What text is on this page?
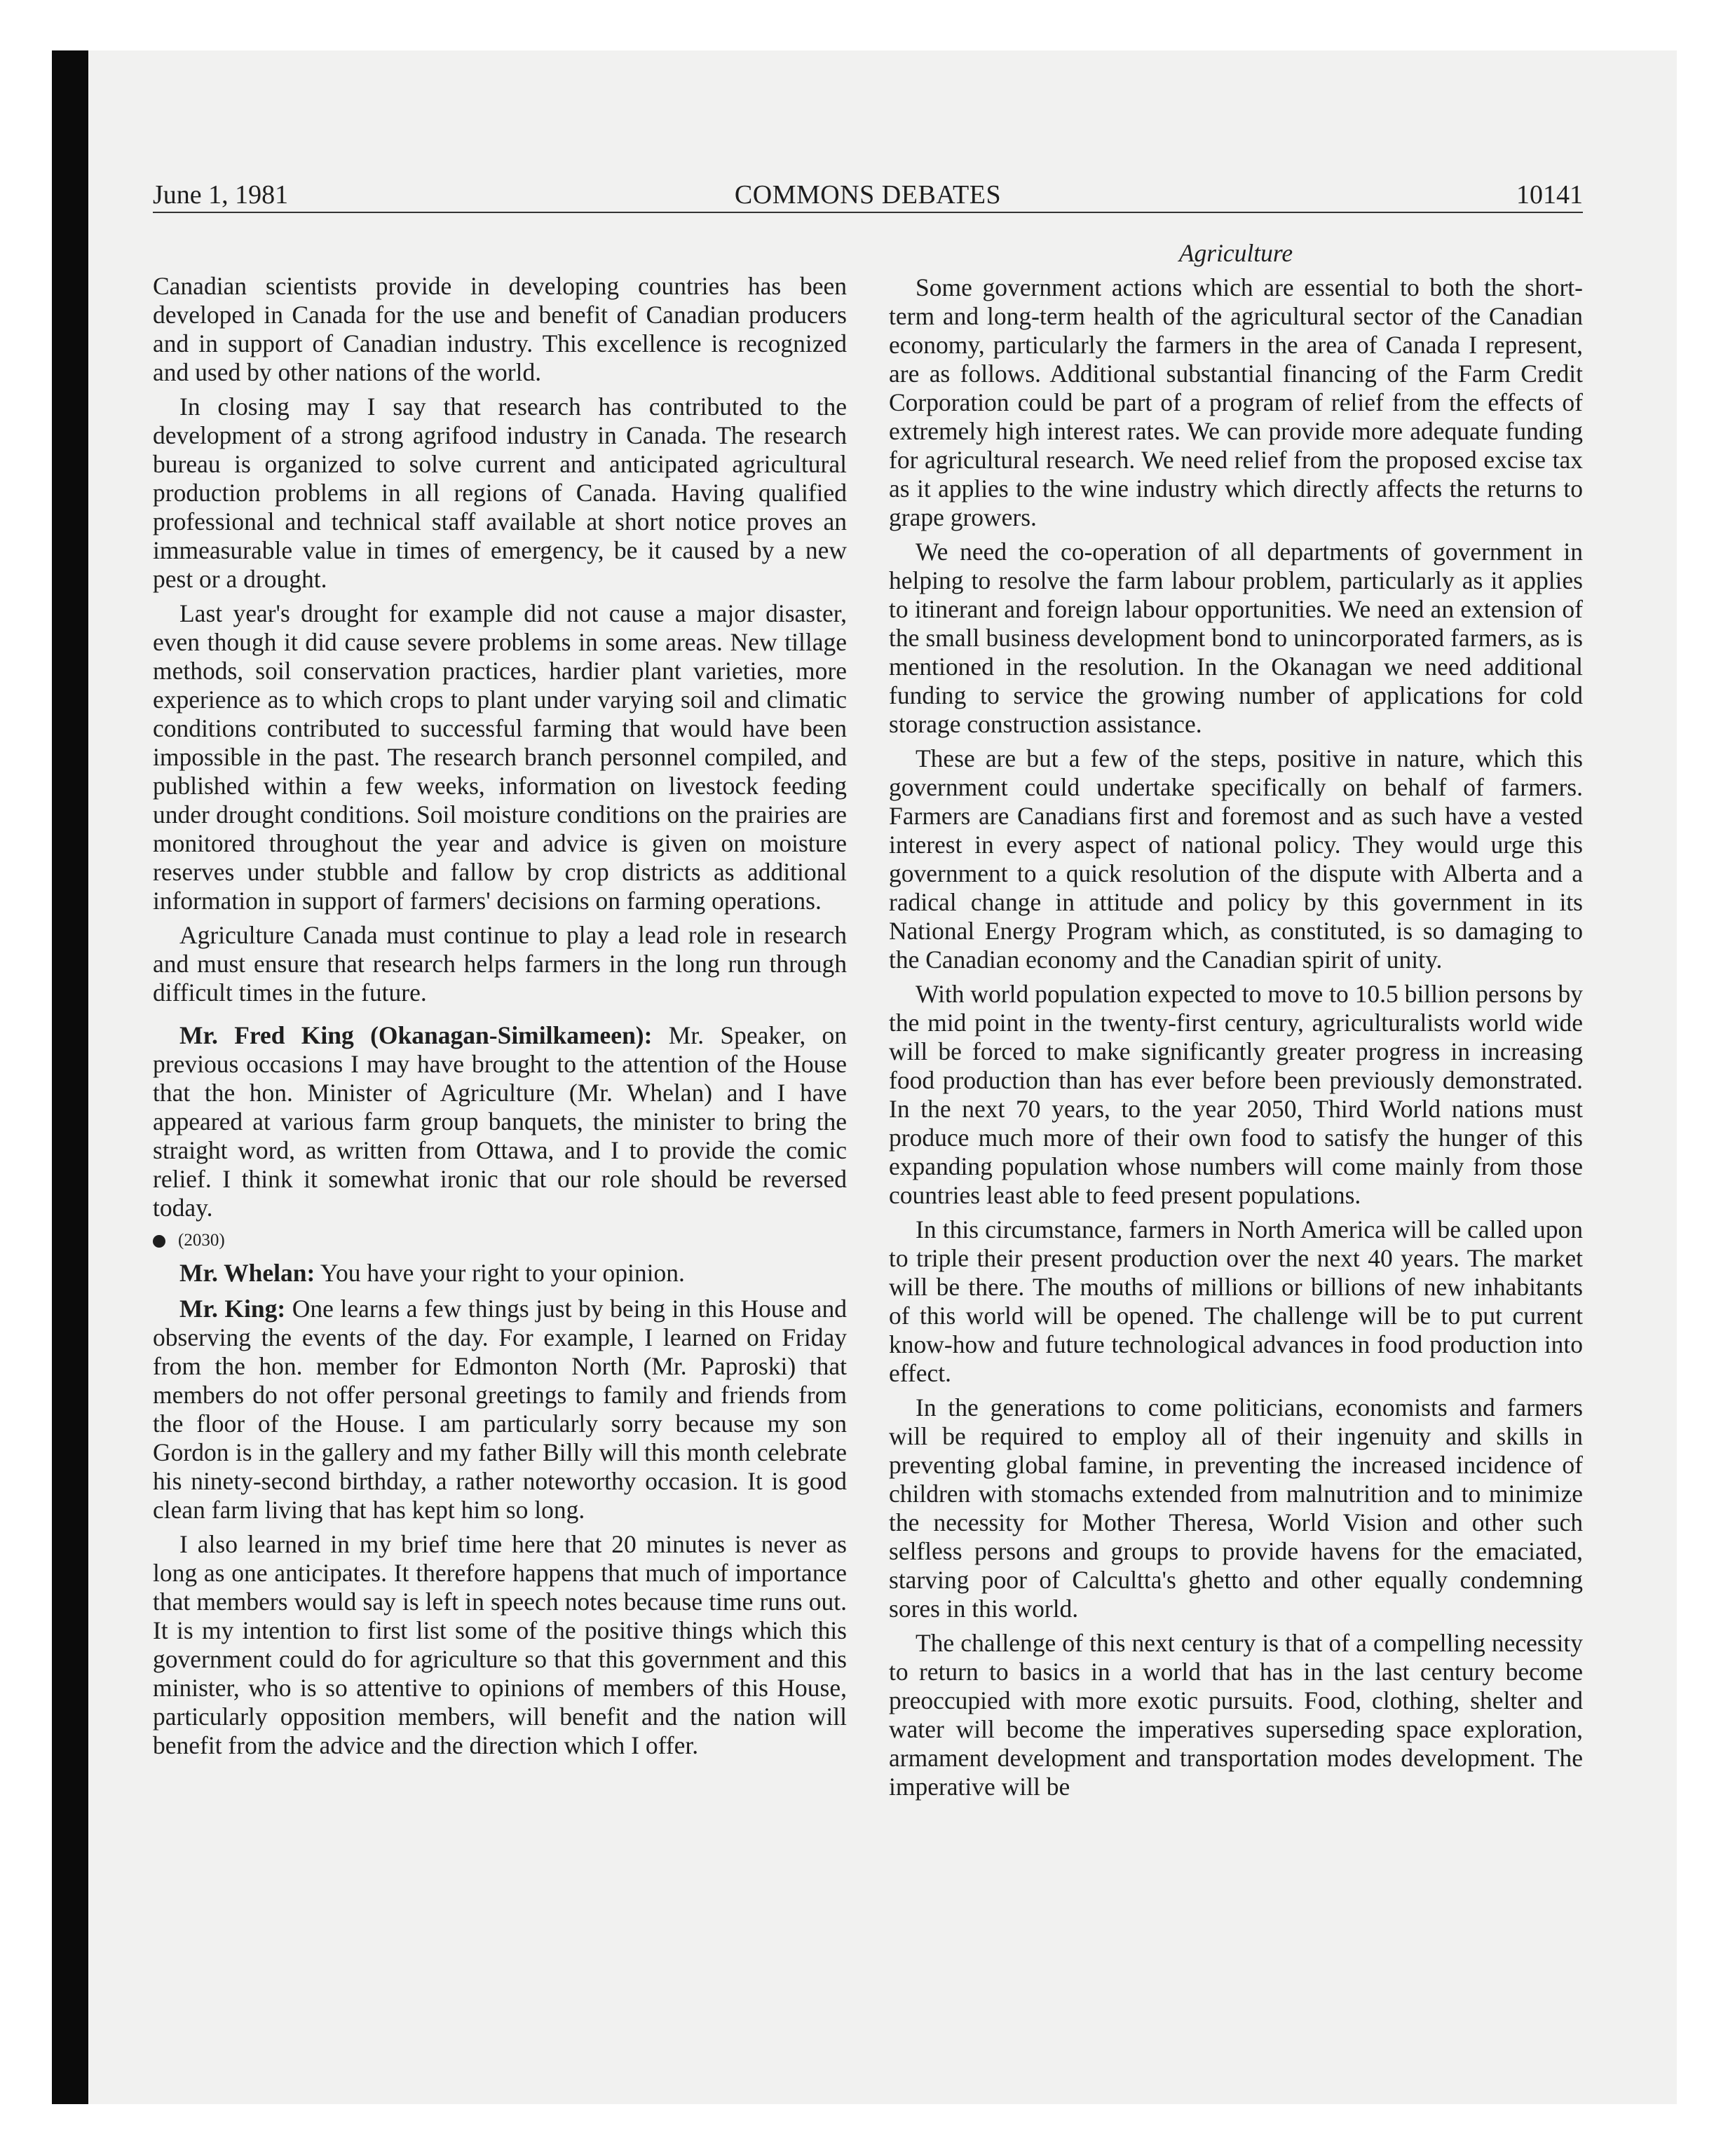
June 1, 1981	COMMONS DEBATES	10141

Canadian scientists provide in developing countries has been developed in Canada for the use and benefit of Canadian producers and in support of Canadian industry. This excellence is recognized and used by other nations of the world.

In closing may I say that research has contributed to the development of a strong agrifood industry in Canada. The research bureau is organized to solve current and anticipated agricultural production problems in all regions of Canada. Having qualified professional and technical staff available at short notice proves an immeasurable value in times of emergency, be it caused by a new pest or a drought.

Last year's drought for example did not cause a major disaster, even though it did cause severe problems in some areas. New tillage methods, soil conservation practices, hardier plant varieties, more experience as to which crops to plant under varying soil and climatic conditions contributed to successful farming that would have been impossible in the past. The research branch personnel compiled, and published within a few weeks, information on livestock feeding under drought conditions. Soil moisture conditions on the prairies are monitored throughout the year and advice is given on moisture reserves under stubble and fallow by crop districts as additional information in support of farmers' decisions on farming operations.

Agriculture Canada must continue to play a lead role in research and must ensure that research helps farmers in the long run through difficult times in the future.

Mr. Fred King (Okanagan-Similkameen): Mr. Speaker, on previous occasions I may have brought to the attention of the House that the hon. Minister of Agriculture (Mr. Whelan) and I have appeared at various farm group banquets, the minister to bring the straight word, as written from Ottawa, and I to provide the comic relief. I think it somewhat ironic that our role should be reversed today.

(2030)

Mr. Whelan: You have your right to your opinion.

Mr. King: One learns a few things just by being in this House and observing the events of the day. For example, I learned on Friday from the hon. member for Edmonton North (Mr. Paproski) that members do not offer personal greetings to family and friends from the floor of the House. I am particularly sorry because my son Gordon is in the gallery and my father Billy will this month celebrate his ninety-second birthday, a rather noteworthy occasion. It is good clean farm living that has kept him so long.

I also learned in my brief time here that 20 minutes is never as long as one anticipates. It therefore happens that much of importance that members would say is left in speech notes because time runs out. It is my intention to first list some of the positive things which this government could do for agriculture so that this government and this minister, who is so attentive to opinions of members of this House, particularly opposition members, will benefit and the nation will benefit from the advice and the direction which I offer.

Agriculture

Some government actions which are essential to both the short-term and long-term health of the agricultural sector of the Canadian economy, particularly the farmers in the area of Canada I represent, are as follows. Additional substantial financing of the Farm Credit Corporation could be part of a program of relief from the effects of extremely high interest rates. We can provide more adequate funding for agricultural research. We need relief from the proposed excise tax as it applies to the wine industry which directly affects the returns to grape growers.

We need the co-operation of all departments of government in helping to resolve the farm labour problem, particularly as it applies to itinerant and foreign labour opportunities. We need an extension of the small business development bond to unincorporated farmers, as is mentioned in the resolution. In the Okanagan we need additional funding to service the growing number of applications for cold storage construction assistance.

These are but a few of the steps, positive in nature, which this government could undertake specifically on behalf of farmers. Farmers are Canadians first and foremost and as such have a vested interest in every aspect of national policy. They would urge this government to a quick resolution of the dispute with Alberta and a radical change in attitude and policy by this government in its National Energy Program which, as constituted, is so damaging to the Canadian economy and the Canadian spirit of unity.

With world population expected to move to 10.5 billion persons by the mid point in the twenty-first century, agriculturalists world wide will be forced to make significantly greater progress in increasing food production than has ever before been previously demonstrated. In the next 70 years, to the year 2050, Third World nations must produce much more of their own food to satisfy the hunger of this expanding population whose numbers will come mainly from those countries least able to feed present populations.

In this circumstance, farmers in North America will be called upon to triple their present production over the next 40 years. The market will be there. The mouths of millions or billions of new inhabitants of this world will be opened. The challenge will be to put current know-how and future technological advances in food production into effect.

In the generations to come politicians, economists and farmers will be required to employ all of their ingenuity and skills in preventing global famine, in preventing the increased incidence of children with stomachs extended from malnutrition and to minimize the necessity for Mother Theresa, World Vision and other such selfless persons and groups to provide havens for the emaciated, starving poor of Calcultta's ghetto and other equally condemning sores in this world.

The challenge of this next century is that of a compelling necessity to return to basics in a world that has in the last century become preoccupied with more exotic pursuits. Food, clothing, shelter and water will become the imperatives superseding space exploration, armament development and transportation modes development. The imperative will be
